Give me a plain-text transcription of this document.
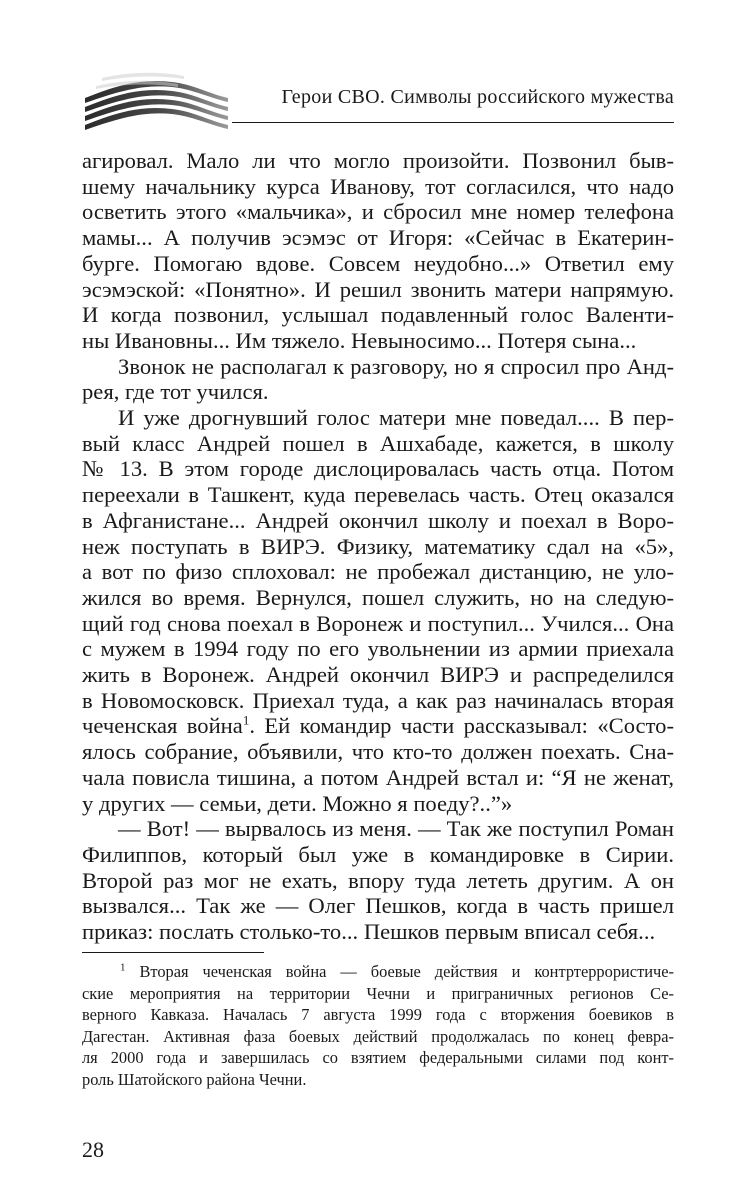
Герои СВО. Символы российского мужества

агировал. Мало ли что могло произойти. Позвонил быв-

шему начальнику курса Иванову, тот согласился, что надо

осветить этого «мальчика», и сбросил мне номер телефона

мамы... А получив эсэмэс от Игоря: «Сейчас в Екатерин-

бурге. Помогаю вдове. Совсем неудобно...» Ответил ему

эсэмэской: «Понятно». И решил звонить матери напрямую.

И когда позвонил, услышал подавленный голос Валенти-

ны Ивановны... Им тяжело. Невыносимо... Потеря сына...

Звонок не располагал к разговору, но я спросил про Анд-

рея, где тот учился.

И уже дрогнувший голос матери мне поведал.... В пер-

вый класс Андрей пошел в Ашхабаде, кажется, в школу

№ 13. В этом городе дислоцировалась часть отца. Потом

переехали в Ташкент, куда перевелась часть. Отец оказался

в Афганистане... Андрей окончил школу и поехал в Воро-

неж поступать в ВИРЭ. Физику, математику сдал на «5»,

а вот по физо сплоховал: не пробежал дистанцию, не уло-

жился во время. Вернулся, пошел служить, но на следую-

щий год снова поехал в Воронеж и поступил... Учился... Она

с мужем в 1994 году по его увольнении из армии приехала

жить в Воронеж. Андрей окончил ВИРЭ и распределился

в Новомосковск. Приехал туда, а как раз начиналась вторая

чеченская война$^1$. Ей командир части рассказывал: «Состо-

ялось собрание, объявили, что кто-то должен поехать. Сна-

чала повисла тишина, а потом Андрей встал и: “Я не женат,

у других — семьи, дети. Можно я поеду?..”»

— Вот! — вырвалось из меня. — Так же поступил Роман

Филиппов, который был уже в командировке в Сирии.

Второй раз мог не ехать, впору туда лететь другим. А он

вызвался... Так же — Олег Пешков, когда в часть пришел

приказ: послать столько-то... Пешков первым вписал себя...

$^1$ Вторая чеченская война — боевые действия и контртеррористиче-

ские мероприятия на территории Чечни и приграничных регионов Се-

верного Кавказа. Началась 7 августа 1999 года с вторжения боевиков в

Дагестан. Активная фаза боевых действий продолжалась по конец февра-

ля 2000 года и завершилась со взятием федеральными силами под конт-

роль Шатойского района Чечни.

28
